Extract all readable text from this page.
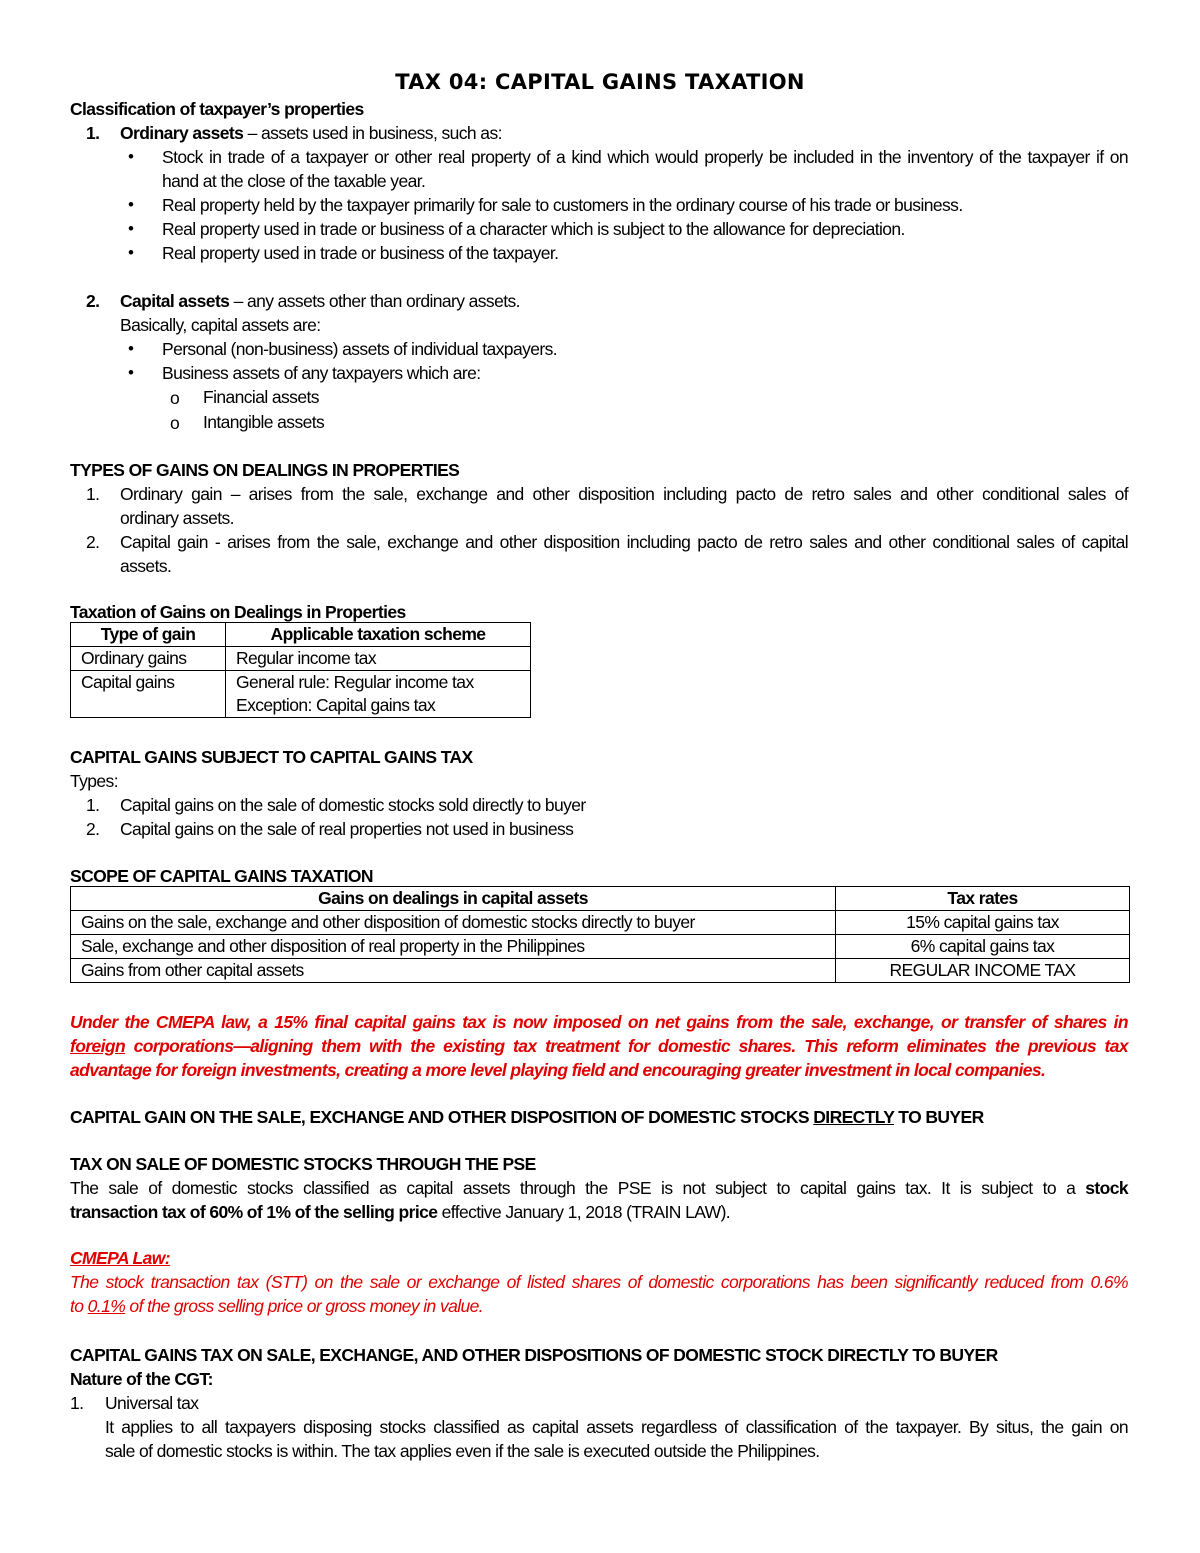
TAX 04: CAPITAL GAINS TAXATION
Classification of taxpayer’s properties
1. Ordinary assets – assets used in business, such as:
• Stock in trade of a taxpayer or other real property of a kind which would properly be included in the inventory of the taxpayer if on
hand at the close of the taxable year.
• Real property held by the taxpayer primarily for sale to customers in the ordinary course of his trade or business.
• Real property used in trade or business of a character which is subject to the allowance for depreciation.
• Real property used in trade or business of the taxpayer.
2. Capital assets – any assets other than ordinary assets.
Basically, capital assets are:
• Personal (non-business) assets of individual taxpayers.
• Business assets of any taxpayers which are:
o Financial assets
o Intangible assets
TYPES OF GAINS ON DEALINGS IN PROPERTIES
1. Ordinary gain – arises from the sale, exchange and other disposition including pacto de retro sales and other conditional sales of
ordinary assets.
2. Capital gain - arises from the sale, exchange and other disposition including pacto de retro sales and other conditional sales of capital
assets.
Taxation of Gains on Dealings in Properties
Type of gain	Applicable taxation scheme
Ordinary gains	Regular income tax
Capital gains	General rule: Regular income tax
Exception: Capital gains tax
CAPITAL GAINS SUBJECT TO CAPITAL GAINS TAX
Types:
1. Capital gains on the sale of domestic stocks sold directly to buyer
2. Capital gains on the sale of real properties not used in business
SCOPE OF CAPITAL GAINS TAXATION
Gains on dealings in capital assets	Tax rates
Gains on the sale, exchange and other disposition of domestic stocks directly to buyer	15% capital gains tax
Sale, exchange and other disposition of real property in the Philippines	6% capital gains tax
Gains from other capital assets	REGULAR INCOME TAX
Under the CMEPA law, a 15% final capital gains tax is now imposed on net gains from the sale, exchange, or transfer of shares in
foreign corporations—aligning them with the existing tax treatment for domestic shares. This reform eliminates the previous tax
advantage for foreign investments, creating a more level playing field and encouraging greater investment in local companies.
CAPITAL GAIN ON THE SALE, EXCHANGE AND OTHER DISPOSITION OF DOMESTIC STOCKS DIRECTLY TO BUYER
TAX ON SALE OF DOMESTIC STOCKS THROUGH THE PSE
The sale of domestic stocks classified as capital assets through the PSE is not subject to capital gains tax. It is subject to a stock
transaction tax of 60% of 1% of the selling price effective January 1, 2018 (TRAIN LAW).
CMEPA Law:
The stock transaction tax (STT) on the sale or exchange of listed shares of domestic corporations has been significantly reduced from 0.6%
to 0.1% of the gross selling price or gross money in value.
CAPITAL GAINS TAX ON SALE, EXCHANGE, AND OTHER DISPOSITIONS OF DOMESTIC STOCK DIRECTLY TO BUYER
Nature of the CGT:
1. Universal tax
It applies to all taxpayers disposing stocks classified as capital assets regardless of classification of the taxpayer. By situs, the gain on
sale of domestic stocks is within. The tax applies even if the sale is executed outside the Philippines.
